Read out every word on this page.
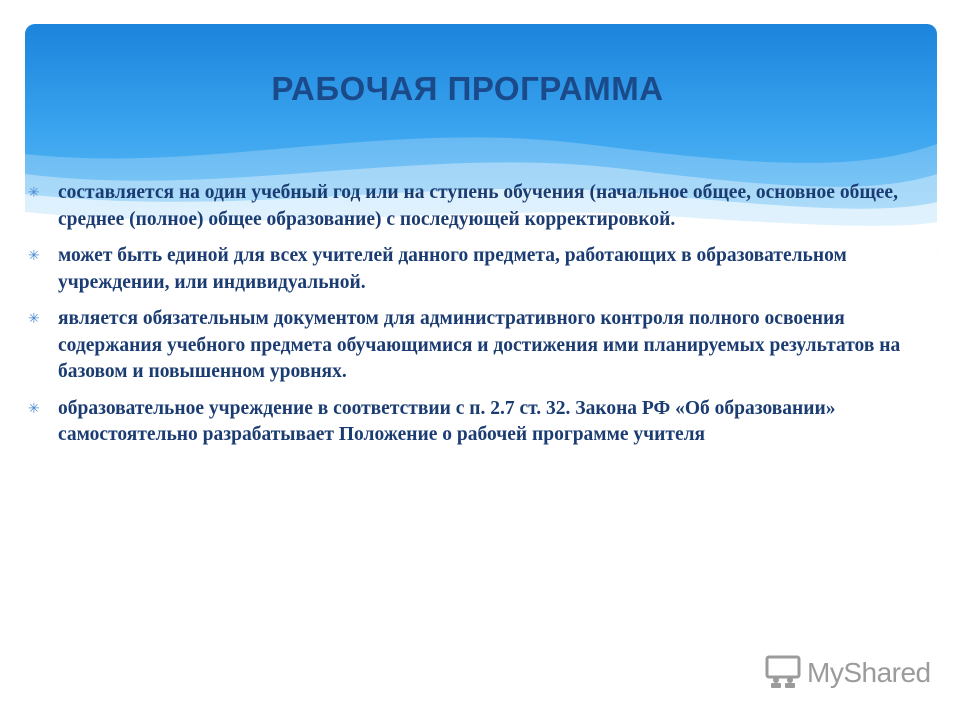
РАБОЧАЯ ПРОГРАММА
✳ составляется на один учебный год или на ступень обучения (начальное общее, основное общее, среднее (полное) общее образование) с последующей корректировкой.
✳ может быть единой для всех учителей данного предмета, работающих в образовательном учреждении, или индивидуальной.
✳ является обязательным документом для административного контроля полного освоения содержания учебного предмета обучающимися и достижения ими планируемых результатов на базовом и повышенном уровнях.
✳ образовательное учреждение в соответствии с п. 2.7 ст. 32. Закона РФ «Об образовании» самостоятельно разрабатывает Положение о рабочей программе учителя
MyShared
